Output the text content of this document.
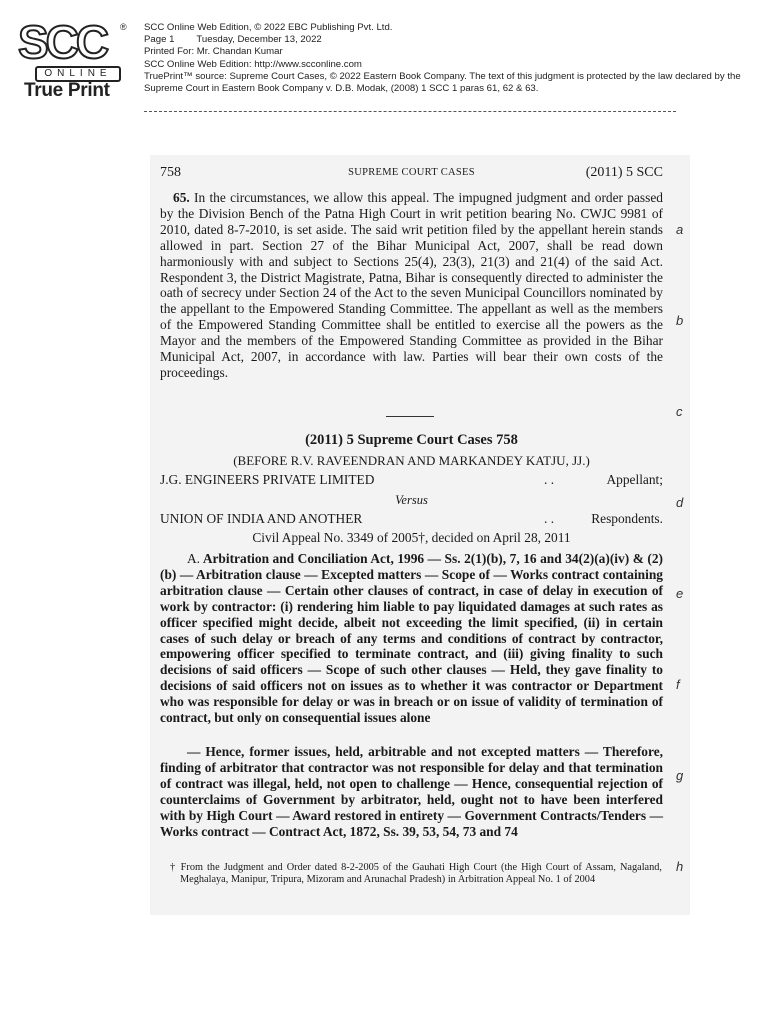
SCC	®
ONLINE
True Print
SCC Online Web Edition, © 2022 EBC Publishing Pvt. Ltd.
Page 1 Tuesday, December 13, 2022
Printed For: Mr. Chandan Kumar
SCC Online Web Edition: http://www.scconline.com
TruePrint™ source: Supreme Court Cases, © 2022 Eastern Book Company. The text of this judgment is protected by the law declared by the Supreme Court in Eastern Book Company v. D.B. Modak, (2008) 1 SCC 1 paras 61, 62 & 63.
758	SUPREME COURT CASES	(2011) 5 SCC
65. In the circumstances, we allow this appeal. The impugned judgment and order passed by the Division Bench of the Patna High Court in writ petition bearing No. CWJC 9981 of 2010, dated 8-7-2010, is set aside. The said writ petition filed by the appellant herein stands allowed in part. Section 27 of the Bihar Municipal Act, 2007, shall be read down harmoniously with and subject to Sections 25(4), 23(3), 21(3) and 21(4) of the said Act. Respondent 3, the District Magistrate, Patna, Bihar is consequently directed to administer the oath of secrecy under Section 24 of the Act to the seven Municipal Councillors nominated by the appellant to the Empowered Standing Committee. The appellant as well as the members of the Empowered Standing Committee shall be entitled to exercise all the powers as the Mayor and the members of the Empowered Standing Committee as provided in the Bihar Municipal Act, 2007, in accordance with law. Parties will bear their own costs of the proceedings.
(2011) 5 Supreme Court Cases 758
(BEFORE R.V. RAVEENDRAN AND MARKANDEY KATJU, JJ.)
J.G. ENGINEERS PRIVATE LIMITED	. .	Appellant;
Versus
UNION OF INDIA AND ANOTHER	. .	Respondents.
Civil Appeal No. 3349 of 2005†, decided on April 28, 2011
A. Arbitration and Conciliation Act, 1996 — Ss. 2(1)(b), 7, 16 and 34(2)(a)(iv) & (2)(b) — Arbitration clause — Excepted matters — Scope of — Works contract containing arbitration clause — Certain other clauses of contract, in case of delay in execution of work by contractor: (i) rendering him liable to pay liquidated damages at such rates as officer specified might decide, albeit not exceeding the limit specified, (ii) in certain cases of such delay or breach of any terms and conditions of contract by contractor, empowering officer specified to terminate contract, and (iii) giving finality to such decisions of said officers — Scope of such other clauses — Held, they gave finality to decisions of said officers not on issues as to whether it was contractor or Department who was responsible for delay or was in breach or on issue of validity of termination of contract, but only on consequential issues alone
— Hence, former issues, held, arbitrable and not excepted matters — Therefore, finding of arbitrator that contractor was not responsible for delay and that termination of contract was illegal, held, not open to challenge — Hence, consequential rejection of counterclaims of Government by arbitrator, held, ought not to have been interfered with by High Court — Award restored in entirety — Government Contracts/Tenders — Works contract — Contract Act, 1872, Ss. 39, 53, 54, 73 and 74
† From the Judgment and Order dated 8-2-2005 of the Gauhati High Court (the High Court of Assam, Nagaland, Meghalaya, Manipur, Tripura, Mizoram and Arunachal Pradesh) in Arbitration Appeal No. 1 of 2004
a
b
c
d
e
f
g
h
